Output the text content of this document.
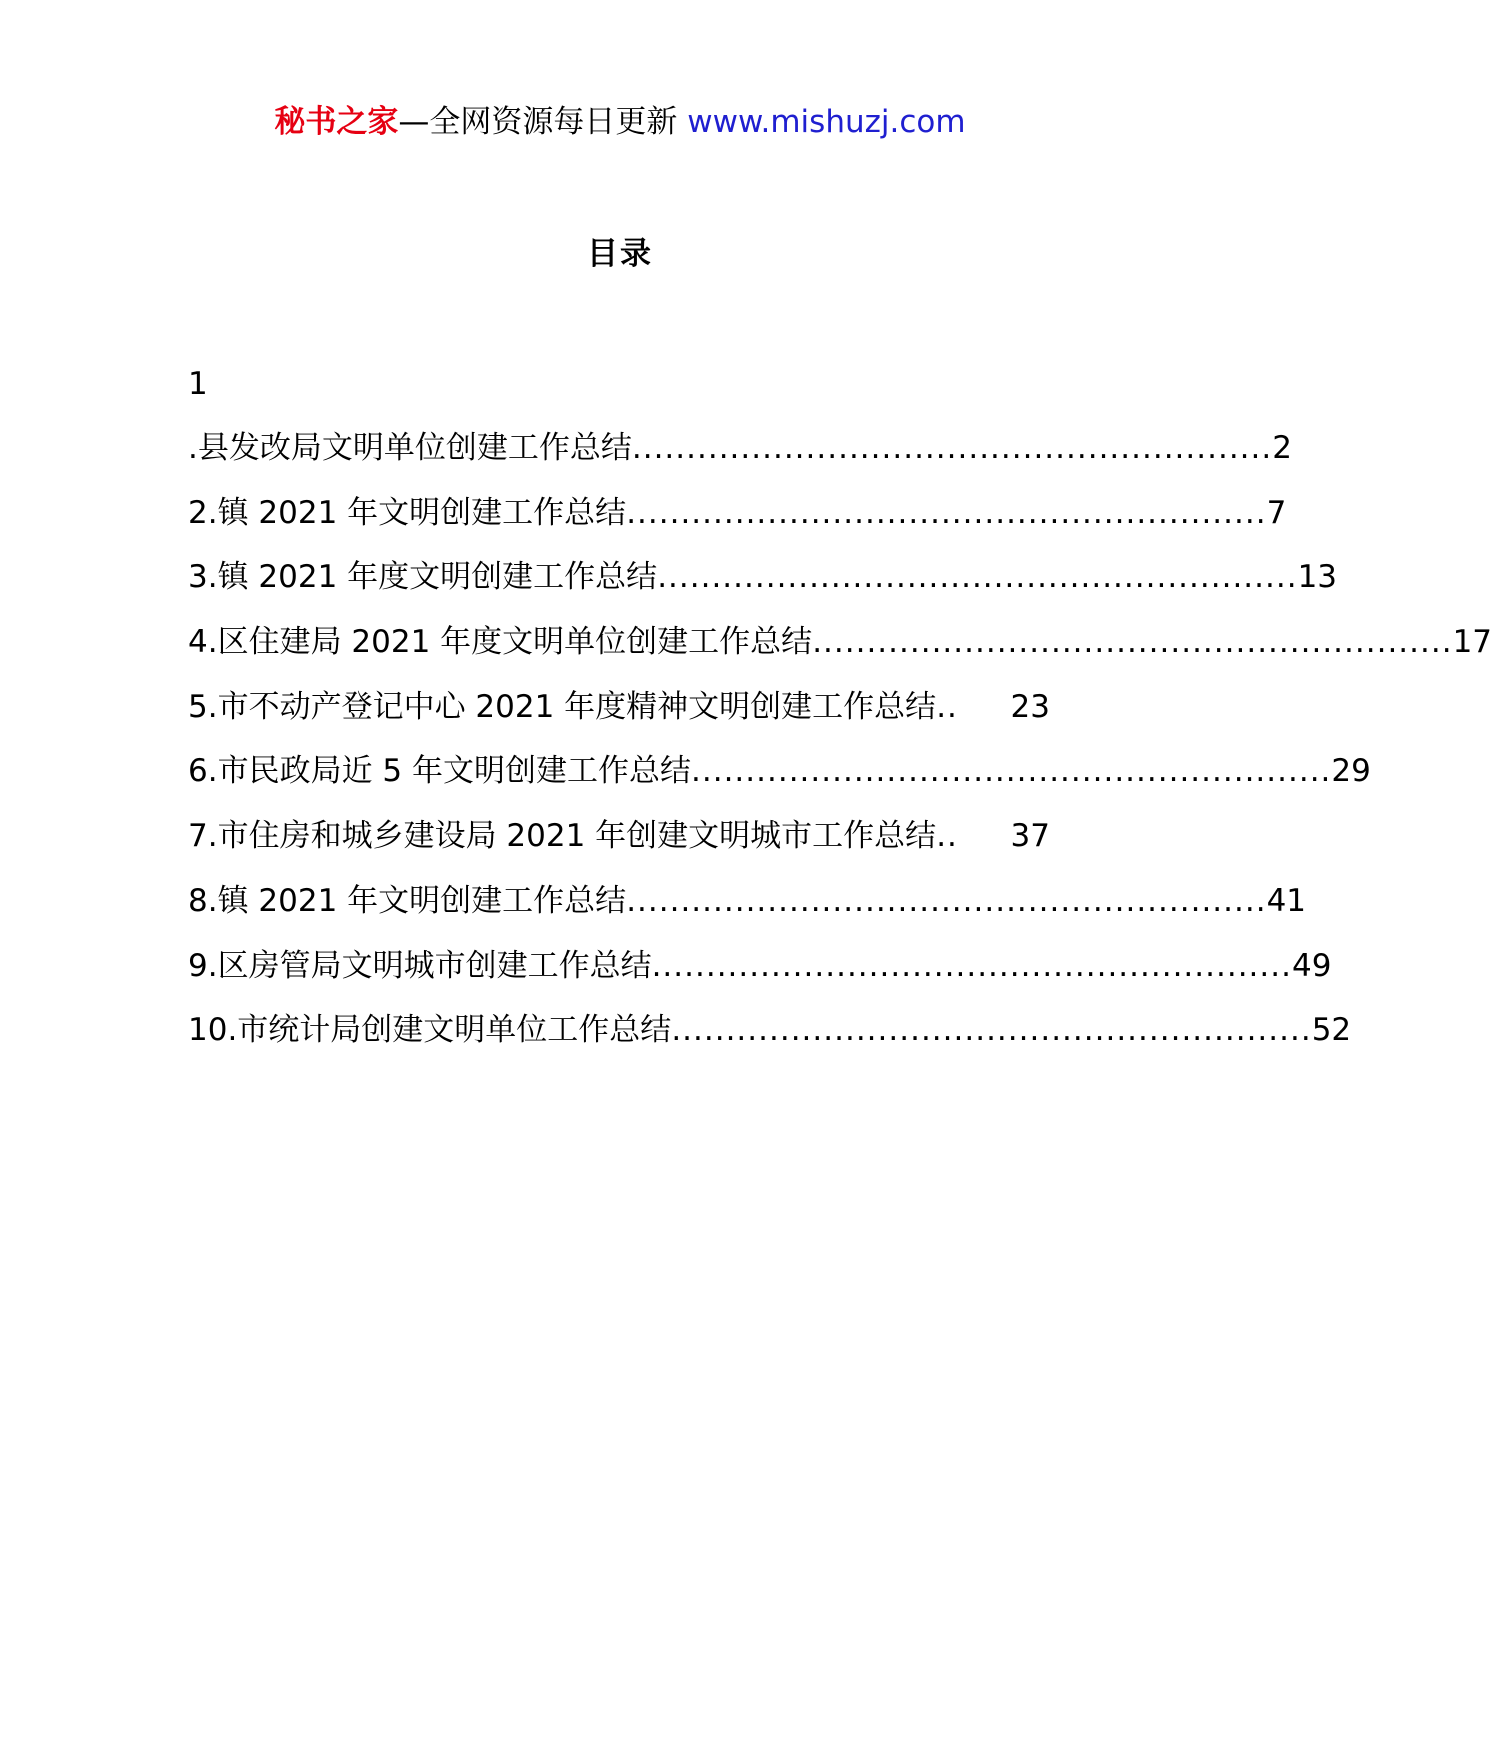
秘书之家—全网资源每日更新 www.mishuzj.com
目录
1
.县发改局文明单位创建工作总结 ........................................................... 2
2.镇 2021 年文明创建工作总结 ........................................................... 7
3.镇 2021 年度文明创建工作总结 ........................................................... 13
4.区住建局 2021 年度文明单位创建工作总结 ........................................................... 17
5.市不动产登记中心 2021 年度精神文明创建工作总结 ..	23
6.市民政局近 5 年文明创建工作总结 ........................................................... 29
7.市住房和城乡建设局 2021 年创建文明城市工作总结 ..	37
8.镇 2021 年文明创建工作总结 ........................................................... 41
9.区房管局文明城市创建工作总结 ........................................................... 49
10.市统计局创建文明单位工作总结 ........................................................... 52
